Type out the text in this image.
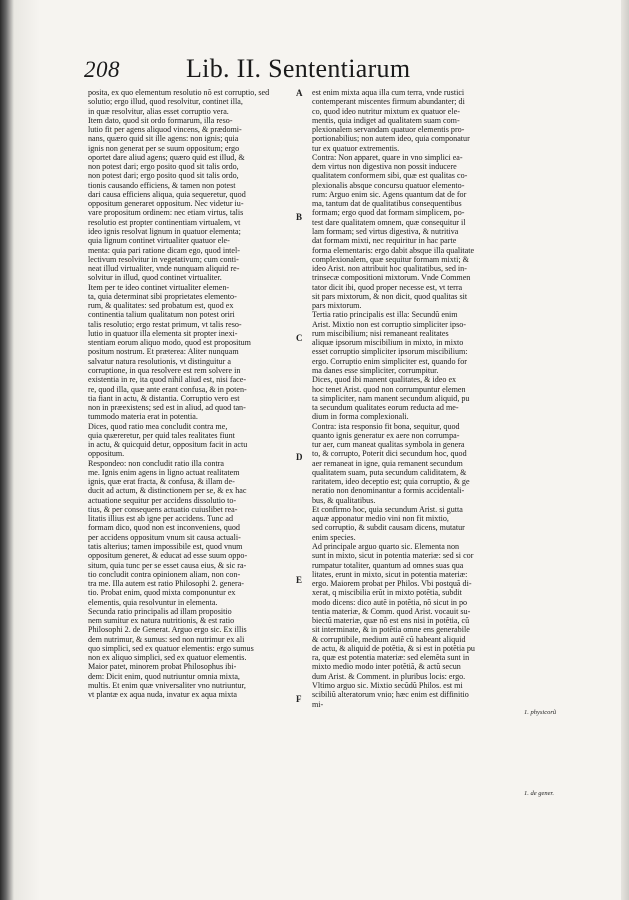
208	Lib. II. Sententiarum
posita, ex quo elementum resolutio nõ est corruptio, sed
solutio; ergo illud, quod resolvitur, continet illa,
in quæ resolvitur, alias esset corruptio vera.
Item dato, quod sit ordo formarum, illa reso-
lutio fit per agens aliquod vincens, & prædomi-
nans, quæro quid sit ille agens: non ignis; quia
ignis non generat per se suum oppositum; ergo
oportet dare aliud agens; quæro quid est illud, &
non potest dari; ergo posito quod sit talis ordo,
non potest dari; ergo posito quod sit talis ordo,
tionis causando efficiens, & tamen non potest
dari causa efficiens aliqua, quia sequeretur, quod
oppositum generaret oppositum. Nec videtur iu-
vare propositum ordinem: nec etiam virtus, talis
resolutio est propter continentiam virtualem, vt
ideo ignis resolvat lignum in quatuor elementa;
quia lignum continet virtualiter quatuor ele-
menta: quia pari ratione dicam ego, quod intel-
lectivum resolvitur in vegetativum; cum conti-
neat illud virtualiter, vnde nunquam aliquid re-
solvitur in illud, quod continet virtualiter.
Item per te ideo continet virtualiter elemen-
ta, quia determinat sibi proprietates elemento-
rum, & qualitates: sed probatum est, quod ex
continentia talium qualitatum non potest oriri
talis resolutio; ergo restat primum, vt talis reso-
lutio in quatuor illa elementa sit propter inexi-
stentiam eorum aliquo modo, quod est propositum
positum nostrum. Et præterea: Aliter nunquam
salvatur natura resolutionis, vt distinguitur a
corruptione, in qua resolvere est rem solvere in
existentia in re, ita quod nihil aliud est, nisi face-
re, quod illa, quæ ante erant confusa, & in poten-
tia fiant in actu, & distantia. Corruptio vero est
non in præexistens; sed est in aliud, ad quod tan-
tummodo materia erat in potentia.
Dices, quod ratio mea concludit contra me,
quia quæreretur, per quid tales realitates fiunt
in actu, & quicquid detur, oppositum facit in actu
oppositum.
Respondeo: non concludit ratio illa contra
me. Ignis enim agens in ligno actuat realitatem
ignis, quæ erat fracta, & confusa, & illam de-
ducit ad actum, & distinctionem per se, & ex hac
actuatione sequitur per accidens dissolutio to-
tius, & per consequens actuatio cuiuslibet rea-
litatis illius est ab igne per accidens. Tunc ad
formam dico, quod non est inconveniens, quod
per accidens oppositum vnum sit causa actuali-
tatis alterius; tamen impossibile est, quod vnum
oppositum generet, & educat ad esse suum oppo-
situm, quia tunc per se esset causa eius, & sic ra-
tio concludit contra opinionem aliam, non con-
tra me. Illa autem est ratio Philosophi 2. genera-
tio. Probat enim, quod mixta componuntur ex
elementis, quia resolvuntur in elementa.
Secunda ratio principalis ad illam propositio
nem sumitur ex natura nutritionis, & est ratio
Philosophi 2. de Generat. Arguo ergo sic. Ex illis
dem nutrimur, & sumus: sed non nutrimur ex ali
quo simplici, sed ex quatuor elementis: ergo sumus
non ex aliquo simplici, sed ex quatuor elementis.
Maior patet, minorem probat Philosophus ibi-
dem: Dicit enim, quod nutriuntur omnia mixta,
multis. Et enim quæ vniversaliter vno nutriuntur,
vt plantæ ex aqua nuda, invatur ex aqua mixta
est enim mixta aqua illa cum terra, vnde rustici
contemperant miscentes firmum abundanter; di
co, quod ideo nutritur mixtum ex quatuor ele-
mentis, quia indiget ad qualitatem suam com-
plexionalem servandam quatuor elementis pro-
portionabilius; non autem ideo, quia componatur
tur ex quatuor extrementis.
Contra: Non apparet, quare in vno simplici ea-
dem virtus non digestiva non possit inducere
qualitatem conformem sibi, quæ est qualitas co-
plexionalis absque concursu quatuor elemento-
rum: Arguo enim sic. Agens quantum dat de for
ma, tantum dat de qualitatibus consequentibus
formam; ergo quod dat formam simplicem, po-
test dare qualitatem omnem, quæ consequitur il
lam formam; sed virtus digestiva, & nutritiva
dat formam mixti, nec requiritur in hac parte
forma elementaris: ergo dabit absque illa qualitate
complexionalem, quæ sequitur formam mixti; &
ideo Arist. non attribuit hoc qualitatibus, sed in-
trinsecæ compositioni mixtorum. Vnde Commen
tator dicit ibi, quod proper necesse est, vt terra
sit pars mixtorum, & non dicit, quod qualitas sit
pars mixtorum.
Tertia ratio principalis est illa: Secundũ enim
Arist. Mixtio non est corruptio simpliciter ipso-
rum miscibilium; nisi remaneant realitates
aliquæ ipsorum miscibilium in mixto, in mixto
esset corruptio simpliciter ipsorum miscibilium:
ergo. Corruptio enim simpliciter est, quando for
ma danes esse simpliciter, corrumpitur.
Dices, quod ibi manent qualitates, & ideo ex
hoc tenet Arist. quod non corrumpuntur elemen
ta simpliciter, nam manent secundum aliquid, pu
ta secundum qualitates eorum reducta ad me-
dium in forma complexionali.
Contra: ista responsio fit bona, sequitur, quod
quanto ignis generatur ex aere non corrumpa-
tur aer, cum maneat qualitas symbola in genera
to, & corrupto, Poterit dici secundum hoc, quod
aer remaneat in igne, quia remanent secundum
qualitatem suam, puta secundum caliditatem, &
raritatem, ideo deceptio est; quia corruptio, & ge
neratio non denominantur a formis accidentali-
bus, & qualitatibus.
Et confirmo hoc, quia secundum Arist. si gutta
aquæ apponatur medio vini non fit mixtio,
sed corruptio, & subdit causam dicens, mutatur
enim species.
Ad principale arguo quarto sic. Elementa non
sunt in mixto, sicut in potentia materiæ: sed si cor
rumpatur totaliter, quantum ad omnes suas qua
litates, erunt in mixto, sicut in potentia materiæ:
ergo. Maiorem probat per Philos. Vbi postquã di-
xerat, q miscibilia erũt in mixto potẽtia, subdit
modo dicens: dico autẽ in potẽtia, nõ sicut in po
tentia materiæ, & Comm. quod Arist. vocauit su-
biectũ materiæ, quæ nõ est ens nisi in potẽtia, cũ
sit interminate, & in potẽtia omne ens generabile
& corruptibile, medium autẽ cũ habeant aliquid
de actu, & aliquid de potẽtia, & si est in potẽtia pu
ra, quæ est potentia materiæ: sed elemẽta sunt in
mixto medio modo inter potẽtiã, & actũ secun
dum Arist. & Comment. in pluribus locis: ergo.
Vltimo arguo sic. Mixtio secũdũ Philos. est mi
scibiliũ alteratorum vnio; hæc enim est diffinitio
mi-
A
B
C
D
E
F
1. physicorũ
1. de gener.
